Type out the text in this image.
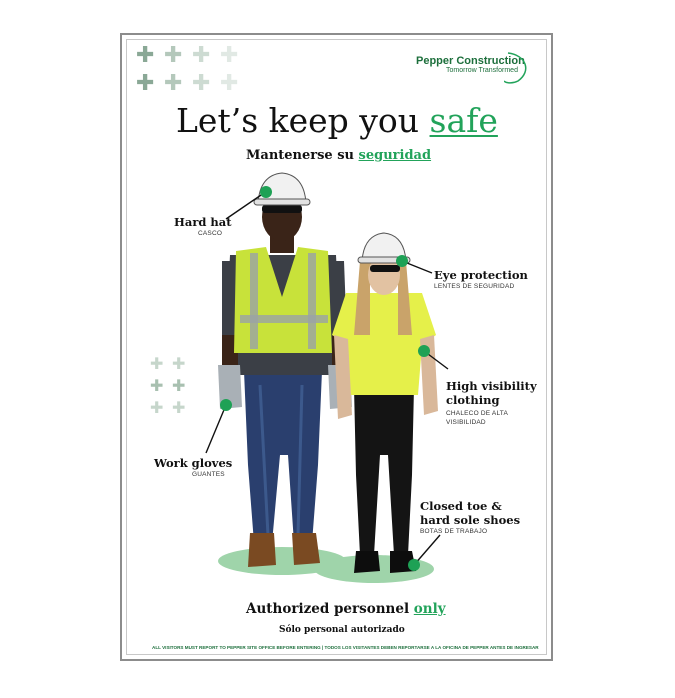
✚ ✚ ✚ ✚
✚ ✚ ✚ ✚
✚ ✚
✚ ✚
✚ ✚
Pepper Construction
Tomorrow Transformed
Let’s keep you safe
Mantenerse su seguridad
Hard hat
CASCO
Eye protection
LENTES DE SEGURIDAD
High visibility
clothing
CHALECO DE ALTA
VISIBILIDAD
Work gloves
GUANTES
Closed toe &
hard sole shoes
BOTAS DE TRABAJO
Authorized personnel only
Sólo personal autorizado
ALL VISITORS MUST REPORT TO PEPPER SITE OFFICE BEFORE ENTERING | TODOS LOS VISITANTES DEBEN REPORTARSE A LA OFICINA DE PEPPER ANTES DE INGRESAR
